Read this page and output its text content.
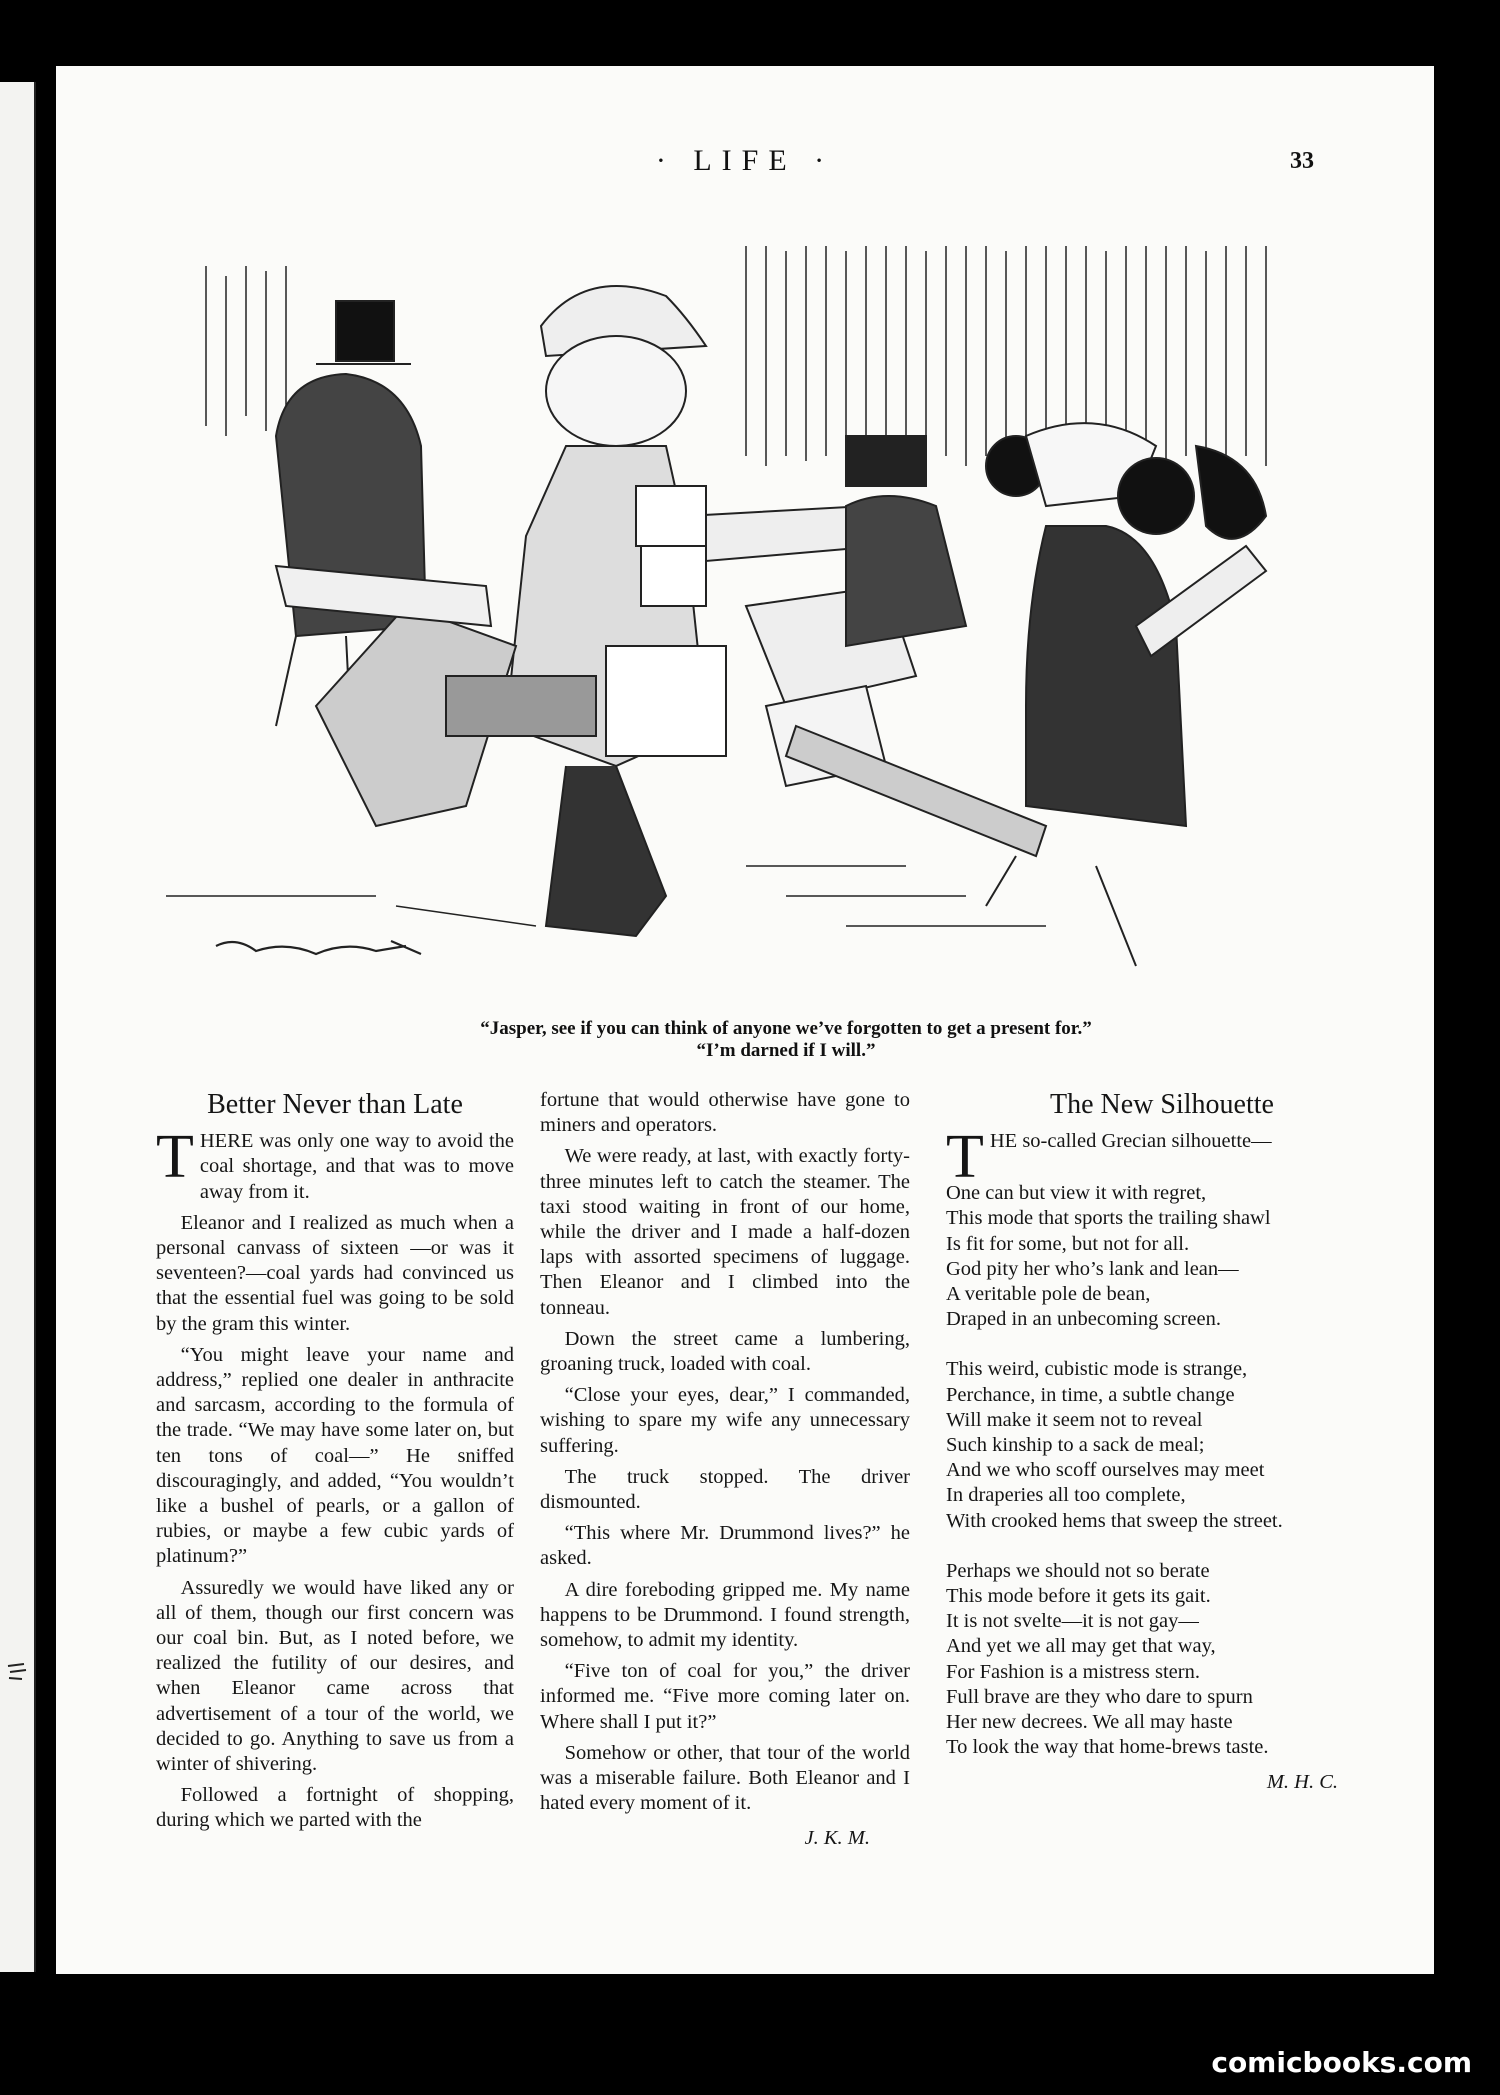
· LIFE ·	33
“Jasper, see if you can think of anyone we’ve forgotten to get a present for.”
“I’m darned if I will.”
Better Never than Late

THERE was only one way to avoid the coal shortage, and that was to move away from it.

Eleanor and I realized as much when a personal canvass of sixteen —or was it seventeen?—coal yards had convinced us that the essential fuel was going to be sold by the gram this winter.

“You might leave your name and address,” replied one dealer in anthracite and sarcasm, according to the formula of the trade. “We may have some later on, but ten tons of coal—” He sniffed discouragingly, and added, “You wouldn’t like a bushel of pearls, or a gallon of rubies, or maybe a few cubic yards of platinum?”

Assuredly we would have liked any or all of them, though our first concern was our coal bin. But, as I noted before, we realized the futility of our desires, and when Eleanor came across that advertisement of a tour of the world, we decided to go. Anything to save us from a winter of shivering.

Followed a fortnight of shopping, during which we parted with the

fortune that would otherwise have gone to miners and operators.

We were ready, at last, with exactly forty-three minutes left to catch the steamer. The taxi stood waiting in front of our home, while the driver and I made a half-dozen laps with assorted specimens of luggage. Then Eleanor and I climbed into the tonneau.

Down the street came a lumbering, groaning truck, loaded with coal.

“Close your eyes, dear,” I commanded, wishing to spare my wife any unnecessary suffering.

The truck stopped. The driver dismounted.

“This where Mr. Drummond lives?” he asked.

A dire foreboding gripped me. My name happens to be Drummond. I found strength, somehow, to admit my identity.

“Five ton of coal for you,” the driver informed me. “Five more coming later on. Where shall I put it?”

Somehow or other, that tour of the world was a miserable failure. Both Eleanor and I hated every moment of it.

J. K. M.
The New Silhouette
T HE so-called Grecian silhouette—
One can but view it with regret,
This mode that sports the trailing shawl
Is fit for some, but not for all.
God pity her who’s lank and lean—
A veritable pole de bean,
Draped in an unbecoming screen.
This weird, cubistic mode is strange,
Perchance, in time, a subtle change
Will make it seem not to reveal
Such kinship to a sack de meal;
And we who scoff ourselves may meet
In draperies all too complete,
With crooked hems that sweep the street.
Perhaps we should not so berate
This mode before it gets its gait.
It is not svelte—it is not gay—
And yet we all may get that way,
For Fashion is a mistress stern.
Full brave are they who dare to spurn
Her new decrees. We all may haste
To look the way that home-brews taste.
M. H. C.
comicbooks.com
